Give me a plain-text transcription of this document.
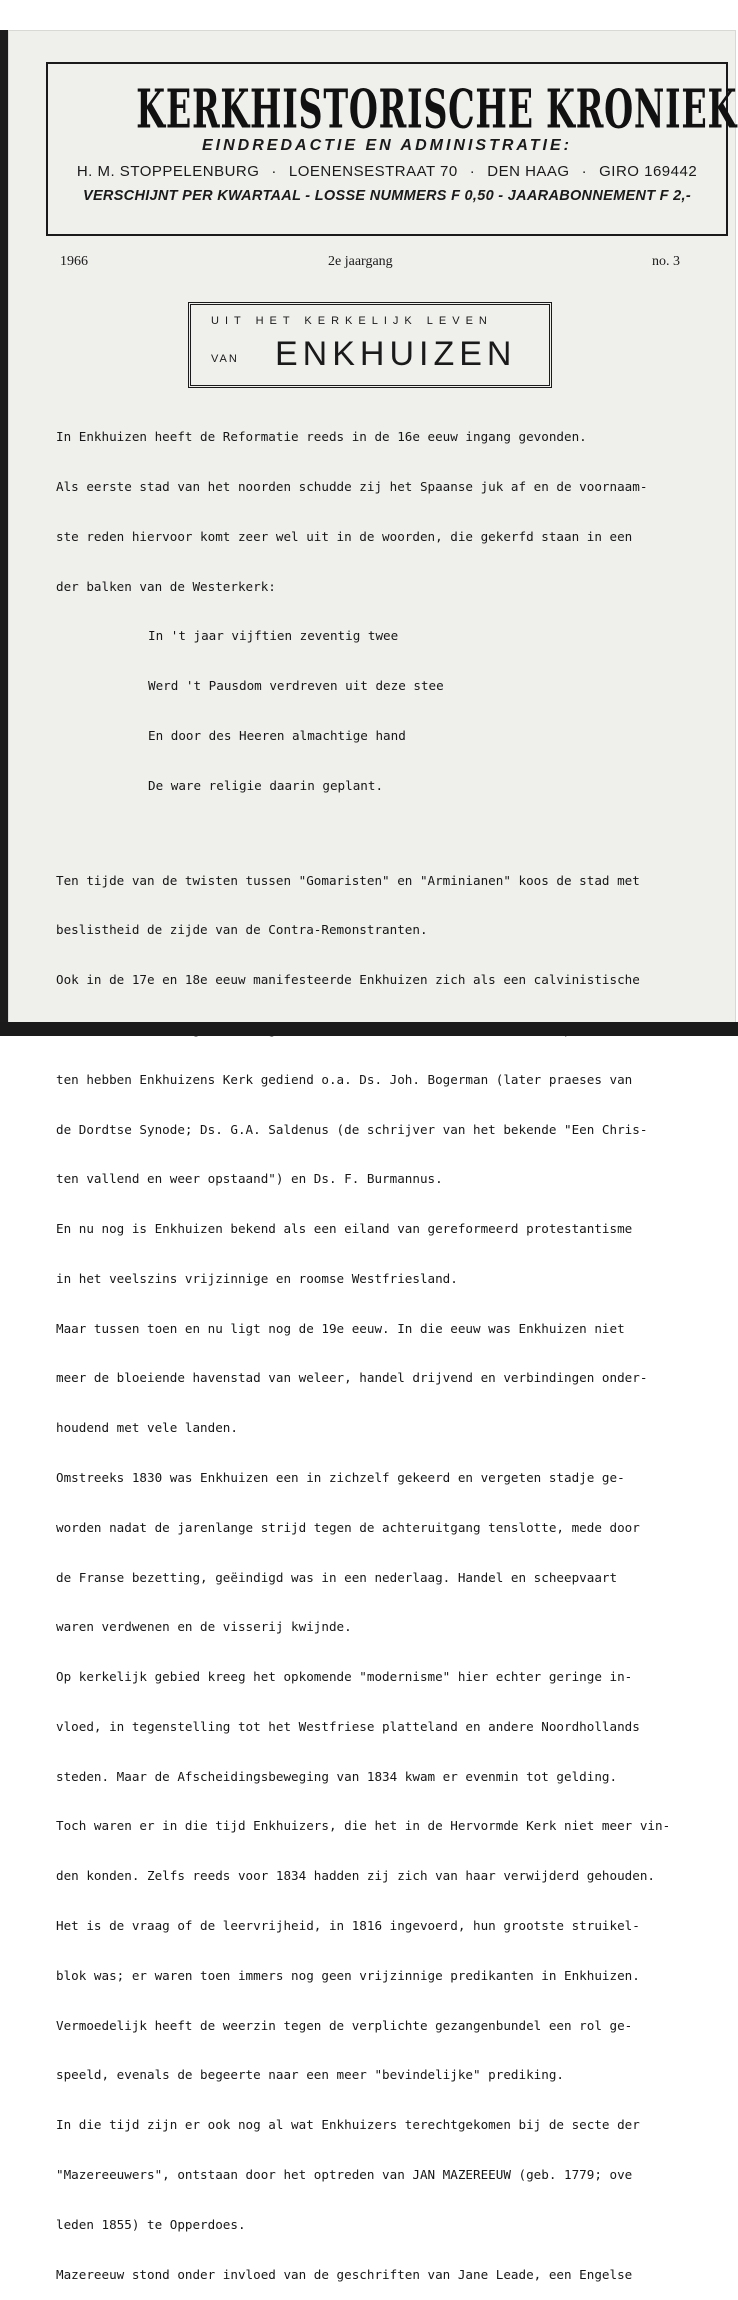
KERKHISTORISCHE KRONIEK
EINDREDACTIE EN ADMINISTRATIE:
H. M. STOPPELENBURG · LOENENSESTRAAT 70 · DEN HAAG · GIRO 169442
VERSCHIJNT PER KWARTAAL - LOSSE NUMMERS F 0,50 - JAARABONNEMENT F 2,-
1966	2e jaargang	no. 3
UIT HET KERKELIJK LEVEN
VAN ENKHUIZEN

In Enkhuizen heeft de Reformatie reeds in de 16e eeuw ingang gevonden.

Als eerste stad van het noorden schudde zij het Spaanse juk af en de voornaam-

ste reden hiervoor komt zeer wel uit in de woorden, die gekerfd staan in een

der balken van de Westerkerk:

In 't jaar vijftien zeventig twee

Werd 't Pausdom verdreven uit deze stee

En door des Heeren almachtige hand

De ware religie daarin geplant.

Ten tijde van de twisten tussen "Gomaristen" en "Arminianen" koos de stad met

beslistheid de zijde van de Contra-Remonstranten.

Ook in de 17e en 18e eeuw manifesteerde Enkhuizen zich als een calvinistische

ten hebben Enkhuizens Kerk gediend o.a. Ds. Joh. Bogerman (later praeses van

de Dordtse Synode; Ds. G.A. Saldenus (de schrijver van het bekende "Een Chris-

ten vallend en weer opstaand") en Ds. F. Burmannus.

En nu nog is Enkhuizen bekend als een eiland van gereformeerd protestantisme

in het veelszins vrijzinnige en roomse Westfriesland.

Maar tussen toen en nu ligt nog de 19e eeuw. In die eeuw was Enkhuizen niet

meer de bloeiende havenstad van weleer, handel drijvend en verbindingen onder-

houdend met vele landen.

Omstreeks 1830 was Enkhuizen een in zichzelf gekeerd en vergeten stadje ge-

worden nadat de jarenlange strijd tegen de achteruitgang tenslotte, mede door

de Franse bezetting, geëindigd was in een nederlaag. Handel en scheepvaart

waren verdwenen en de visserij kwijnde.

Op kerkelijk gebied kreeg het opkomende "modernisme" hier echter geringe in-

vloed, in tegenstelling tot het Westfriese platteland en andere Noordhollands

steden. Maar de Afscheidingsbeweging van 1834 kwam er evenmin tot gelding.

Toch waren er in die tijd Enkhuizers, die het in de Hervormde Kerk niet meer vin-

den konden. Zelfs reeds voor 1834 hadden zij zich van haar verwijderd gehouden.

Het is de vraag of de leervrijheid, in 1816 ingevoerd, hun grootste struikel-

blok was; er waren toen immers nog geen vrijzinnige predikanten in Enkhuizen.

Vermoedelijk heeft de weerzin tegen de verplichte gezangenbundel een rol ge-

speeld, evenals de begeerte naar een meer "bevindelijke" prediking.

In die tijd zijn er ook nog al wat Enkhuizers terechtgekomen bij de secte der

"Mazereeuwers", ontstaan door het optreden van JAN MAZEREEUW (geb. 1779; ove

leden 1855) te Opperdoes.

Mazereeuw stond onder invloed van de geschriften van Jane Leade, een Engelse
